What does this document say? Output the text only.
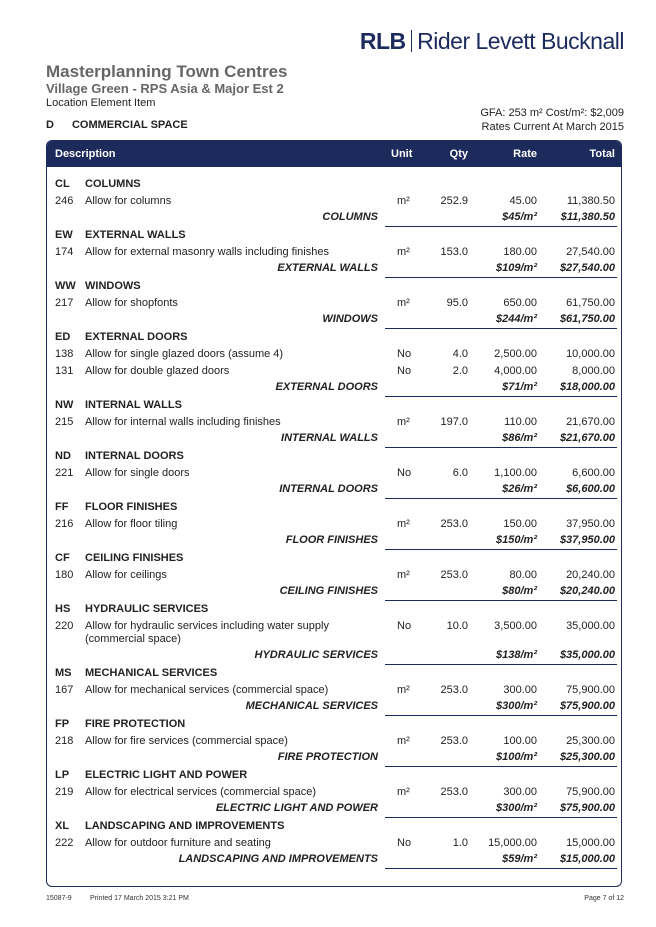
RLB Rider Levett Bucknall
Masterplanning Town Centres
Village Green - RPS Asia & Major Est 2
Location Element Item
GFA: 253 m² Cost/m²: $2,009
Rates Current At March 2015
D COMMERCIAL SPACE
Description	Unit	Qty	Rate	Total
CL COLUMNS
246 Allow for columns	m²	252.9	45.00	11,380.50
COLUMNS	$45/m² $11,380.50
EW EXTERNAL WALLS
174 Allow for external masonry walls including finishes	m²	153.0	180.00	27,540.00
EXTERNAL WALLS	$109/m² $27,540.00
WW WINDOWS
217 Allow for shopfonts	m²	95.0	650.00	61,750.00
WINDOWS	$244/m² $61,750.00
ED EXTERNAL DOORS
138 Allow for single glazed doors (assume 4)	No	4.0 2,500.00	10,000.00
131 Allow for double glazed doors	No	2.0 4,000.00	8,000.00
EXTERNAL DOORS	$71/m² $18,000.00
NW INTERNAL WALLS
215 Allow for internal walls including finishes	m²	197.0	110.00	21,670.00
INTERNAL WALLS	$86/m² $21,670.00
ND INTERNAL DOORS
221 Allow for single doors	No	6.0 1,100.00	6,600.00
INTERNAL DOORS	$26/m²	$6,600.00
FF FLOOR FINISHES
216 Allow for floor tiling	m²	253.0	150.00	37,950.00
FLOOR FINISHES	$150/m² $37,950.00
CF CEILING FINISHES
180 Allow for ceilings	m²	253.0	80.00	20,240.00
CEILING FINISHES	$80/m² $20,240.00
HS HYDRAULIC SERVICES
220 Allow for hydraulic services including water supply
(commercial space)
No	10.0 3,500.00	35,000.00
HYDRAULIC SERVICES	$138/m² $35,000.00
MS MECHANICAL SERVICES
167 Allow for mechanical services (commercial space)	m²	253.0	300.00	75,900.00
MECHANICAL SERVICES	$300/m² $75,900.00
FP FIRE PROTECTION
218 Allow for fire services (commercial space)	m²	253.0	100.00	25,300.00
FIRE PROTECTION	$100/m² $25,300.00
LP ELECTRIC LIGHT AND POWER
219 Allow for electrical services (commercial space)	m²	253.0	300.00	75,900.00
ELECTRIC LIGHT AND POWER	$300/m² $75,900.00
XL LANDSCAPING AND IMPROVEMENTS
222 Allow for outdoor furniture and seating	No	1.0 15,000.00	15,000.00
LANDSCAPING AND IMPROVEMENTS	$59/m² $15,000.00
15087-9	Printed 17 March 2015 3:21 PM	Page 7 of 12
